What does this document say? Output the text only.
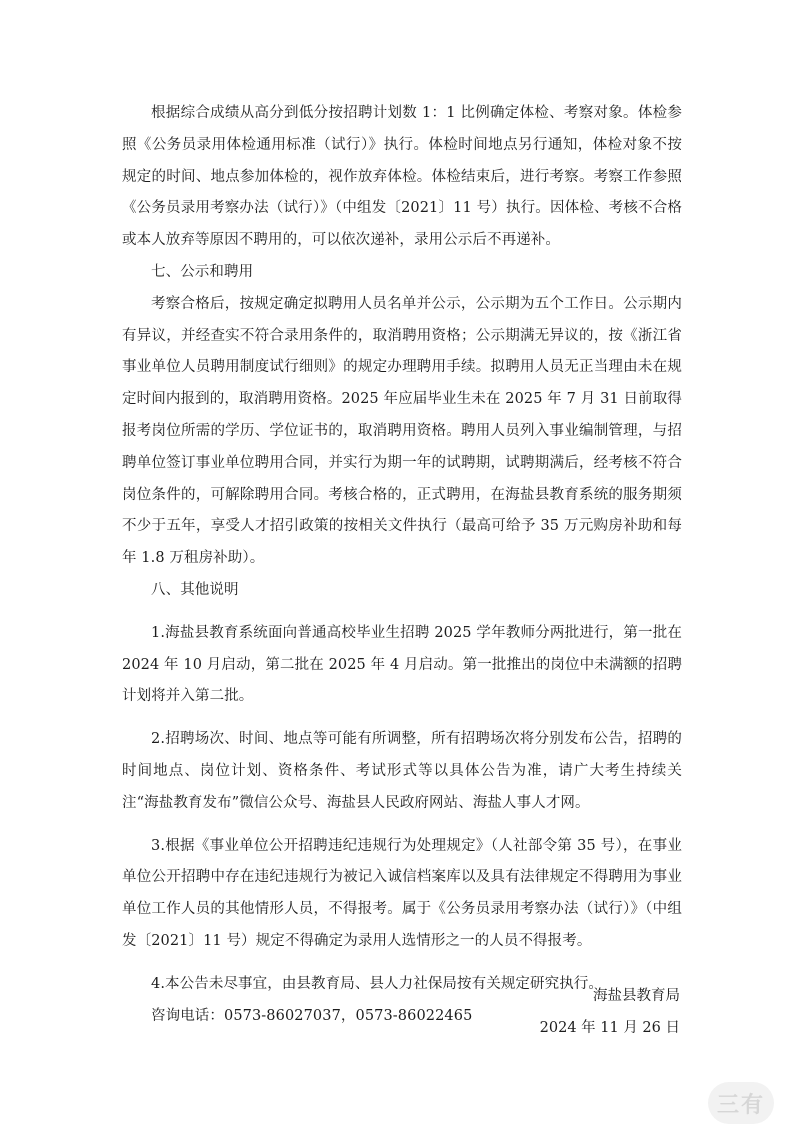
根据综合成绩从高分到低分按招聘计划数 1：1 比例确定体检、考察对象。体检参照《公务员录用体检通用标准（试行）》执行。体检时间地点另行通知，体检对象不按规定的时间、地点参加体检的，视作放弃体检。体检结束后，进行考察。考察工作参照《公务员录用考察办法（试行）》（中组发〔2021〕11 号）执行。因体检、考核不合格或本人放弃等原因不聘用的，可以依次递补，录用公示后不再递补。

七、公示和聘用

考察合格后，按规定确定拟聘用人员名单并公示，公示期为五个工作日。公示期内有异议，并经查实不符合录用条件的，取消聘用资格；公示期满无异议的，按《浙江省事业单位人员聘用制度试行细则》的规定办理聘用手续。拟聘用人员无正当理由未在规定时间内报到的，取消聘用资格。2025 年应届毕业生未在 2025 年 7 月 31 日前取得报考岗位所需的学历、学位证书的，取消聘用资格。聘用人员列入事业编制管理，与招聘单位签订事业单位聘用合同，并实行为期一年的试聘期，试聘期满后，经考核不符合岗位条件的，可解除聘用合同。考核合格的，正式聘用，在海盐县教育系统的服务期须不少于五年，享受人才招引政策的按相关文件执行（最高可给予 35 万元购房补助和每年 1.8 万租房补助）。

八、其他说明

1.海盐县教育系统面向普通高校毕业生招聘 2025 学年教师分两批进行，第一批在 2024 年 10 月启动，第二批在 2025 年 4 月启动。第一批推出的岗位中未满额的招聘计划将并入第二批。

2.招聘场次、时间、地点等可能有所调整，所有招聘场次将分别发布公告，招聘的时间地点、岗位计划、资格条件、考试形式等以具体公告为准，请广大考生持续关注“海盐教育发布”微信公众号、海盐县人民政府网站、海盐人事人才网。

3.根据《事业单位公开招聘违纪违规行为处理规定》（人社部令第 35 号），在事业单位公开招聘中存在违纪违规行为被记入诚信档案库以及具有法律规定不得聘用为事业单位工作人员的其他情形人员，不得报考。属于《公务员录用考察办法（试行）》（中组发〔2021〕11 号）规定不得确定为录用人选情形之一的人员不得报考。

4.本公告未尽事宜，由县教育局、县人力社保局按有关规定研究执行。

咨询电话：0573-86027037，0573-86022465

海盐县教育局
2024 年 11 月 26 日
三有
